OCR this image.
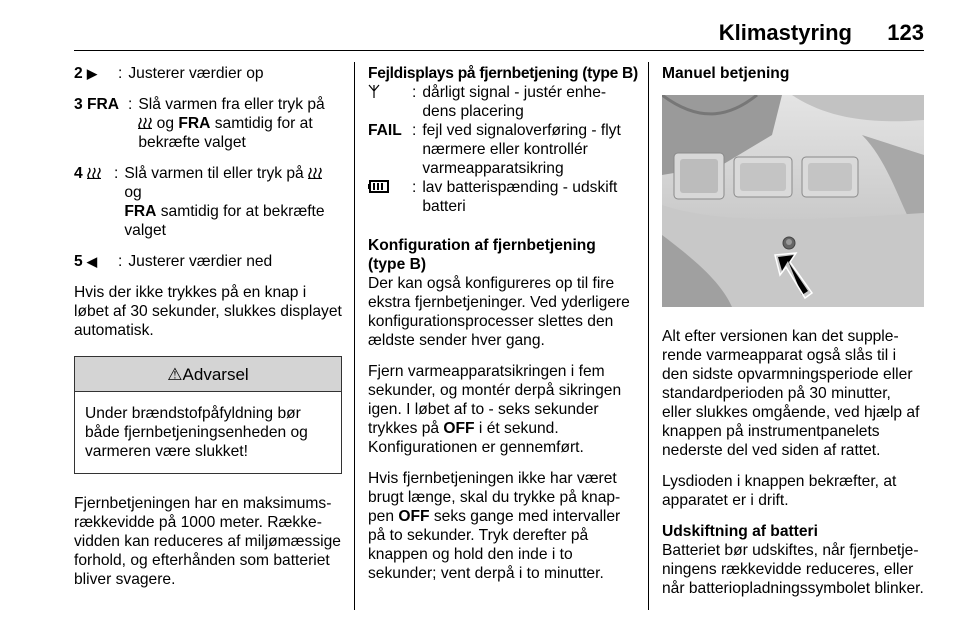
Klimastyring 123
2 ▶	: Justerer værdier op
3 FRA : Slå varmen fra eller tryk på
og FRA samtidig for at bekræfte valget
4	: Slå varmen til eller tryk på  og
FRA samtidig for at bekræfte valget
5 ◀	: Justerer værdier ned

Hvis der ikke trykkes på en knap i løbet af 30 sekunder, slukkes displayet automatisk.

⚠Advarsel
Under brændstofpåfyldning bør både fjernbetjeningsenheden og varmeren være slukket!

Fjernbetjeningen har en maksimumsrækkevidde på 1000 meter. Rækkevidden kan reduceres af miljømæssige forhold, og efterhånden som batteriet bliver svagere.

Fejldisplays på fjernbetjening (type B)

: dårligt signal - justér enhedens placering
FAIL : fejl ved signaloverføring - flyt nærmere eller kontrollér varmeapparatsikring
: lav batterispænding - udskift batteri

Konfiguration af fjernbetjening (type B)

Der kan også konfigureres op til fire ekstra fjernbetjeninger. Ved yderligere konfigurationsprocesser slettes den ældste sender hver gang.

Fjern varmeapparatsikringen i fem sekunder, og montér derpå sikringen igen. I løbet af to - seks sekunder trykkes på OFF i ét sekund. Konfigurationen er gennemført.

Hvis fjernbetjeningen ikke har været brugt længe, skal du trykke på knappen OFF seks gange med intervaller på to sekunder. Tryk derefter på knappen og hold den inde i to sekunder; vent derpå i to minutter.

Manuel betjening

Alt efter versionen kan det supplerende varmeapparat også slås til i den sidste opvarmningsperiode eller standardperioden på 30 minutter, eller slukkes omgående, ved hjælp af knappen på instrumentpanelets nederste del ved siden af rattet.

Lysdioden i knappen bekræfter, at apparatet er i drift.

Udskiftning af batteri

Batteriet bør udskiftes, når fjernbetjeningens rækkevidde reduceres, eller når batteriopladningssymbolet blinker.
